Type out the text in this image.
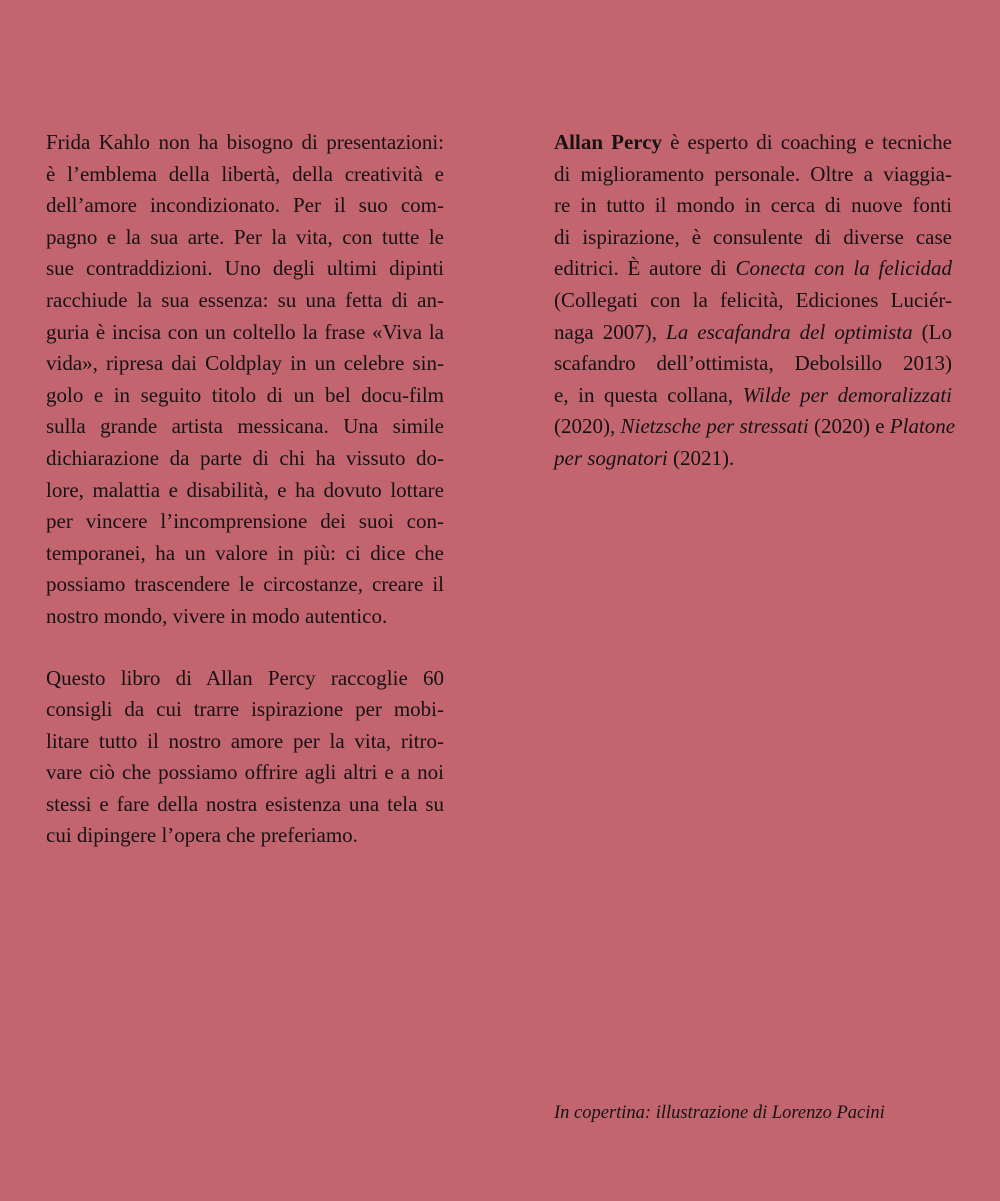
Frida Kahlo non ha bisogno di presentazioni:
è l’emblema della libertà, della creatività e
dell’amore incondizionato. Per il suo com-
pagno e la sua arte. Per la vita, con tutte le
sue contraddizioni. Uno degli ultimi dipinti
racchiude la sua essenza: su una fetta di an-
guria è incisa con un coltello la frase «Viva la
vida», ripresa dai Coldplay in un celebre sin-
golo e in seguito titolo di un bel docu-film
sulla grande artista messicana. Una simile
dichiarazione da parte di chi ha vissuto do-
lore, malattia e disabilità, e ha dovuto lottare
per vincere l’incomprensione dei suoi con-
temporanei, ha un valore in più: ci dice che
possiamo trascendere le circostanze, creare il
nostro mondo, vivere in modo autentico.
Questo libro di Allan Percy raccoglie 60
consigli da cui trarre ispirazione per mobi-
litare tutto il nostro amore per la vita, ritro-
vare ciò che possiamo offrire agli altri e a noi
stessi e fare della nostra esistenza una tela su
cui dipingere l’opera che preferiamo.
Allan Percy è esperto di coaching e tecniche
di miglioramento personale. Oltre a viaggia-
re in tutto il mondo in cerca di nuove fonti
di ispirazione, è consulente di diverse case
editrici. È autore di Conecta con la felicidad
(Collegati con la felicità, Ediciones Luciér-
naga 2007), La escafandra del optimista (Lo
scafandro dell’ottimista, Debolsillo 2013)
e, in questa collana, Wilde per demoralizzati
(2020), Nietzsche per stressati (2020) e Platone
per sognatori (2021).
In copertina: illustrazione di Lorenzo Pacini
